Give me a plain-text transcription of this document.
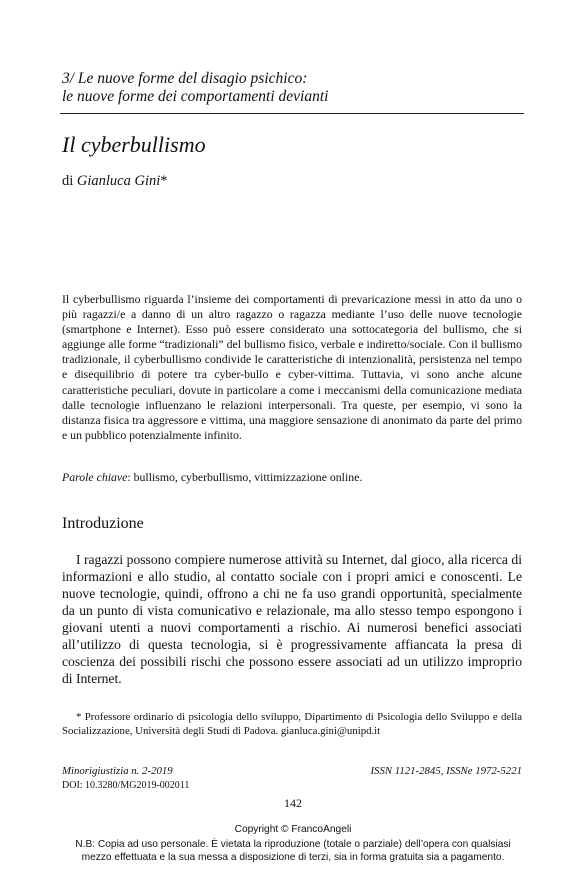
3/ Le nuove forme del disagio psichico:
le nuove forme dei comportamenti devianti
Il cyberbullismo
di Gianluca Gini*
Il cyberbullismo riguarda l’insieme dei comportamenti di prevaricazione messi in atto da uno o più ragazzi/e a danno di un altro ragazzo o ragazza mediante l’uso delle nuove tecnologie (smartphone e Internet). Esso può essere considerato una sottocategoria del bullismo, che si aggiunge alle forme “tradizionali” del bullismo fisico, verbale e indiretto/sociale. Con il bullismo tradizionale, il cyberbullismo condivide le caratteristiche di intenzionalità, persistenza nel tempo e disequilibrio di potere tra cyber-bullo e cyber-vittima. Tuttavia, vi sono anche alcune caratteristiche peculiari, dovute in particolare a come i meccanismi della comunicazione mediata dalle tecnologie influenzano le relazioni interpersonali. Tra queste, per esempio, vi sono la distanza fisica tra aggressore e vittima, una maggiore sensazione di anonimato da parte del primo e un pubblico potenzialmente infinito.
Parole chiave: bullismo, cyberbullismo, vittimizzazione online.
Introduzione
I ragazzi possono compiere numerose attività su Internet, dal gioco, alla ricerca di informazioni e allo studio, al contatto sociale con i propri amici e conoscenti. Le nuove tecnologie, quindi, offrono a chi ne fa uso grandi opportunità, specialmente da un punto di vista comunicativo e relazionale, ma allo stesso tempo espongono i giovani utenti a nuovi comportamenti a rischio. Ai numerosi benefici associati all’utilizzo di questa tecnologia, si è progressivamente affiancata la presa di coscienza dei possibili rischi che possono essere associati ad un utilizzo improprio di Internet.
* Professore ordinario di psicologia dello sviluppo, Dipartimento di Psicologia dello Sviluppo e della Socializzazione, Università degli Studi di Padova. gianluca.gini@unipd.it
Minorigiustizia n. 2-2019	ISSN 1121-2845, ISSNe 1972-5221
DOI: 10.3280/MG2019-002011
142
Copyright © FrancoAngeli
N.B: Copia ad uso personale. È vietata la riproduzione (totale o parziale) dell’opera con qualsiasi mezzo effettuata e la sua messa a disposizione di terzi, sia in forma gratuita sia a pagamento.
